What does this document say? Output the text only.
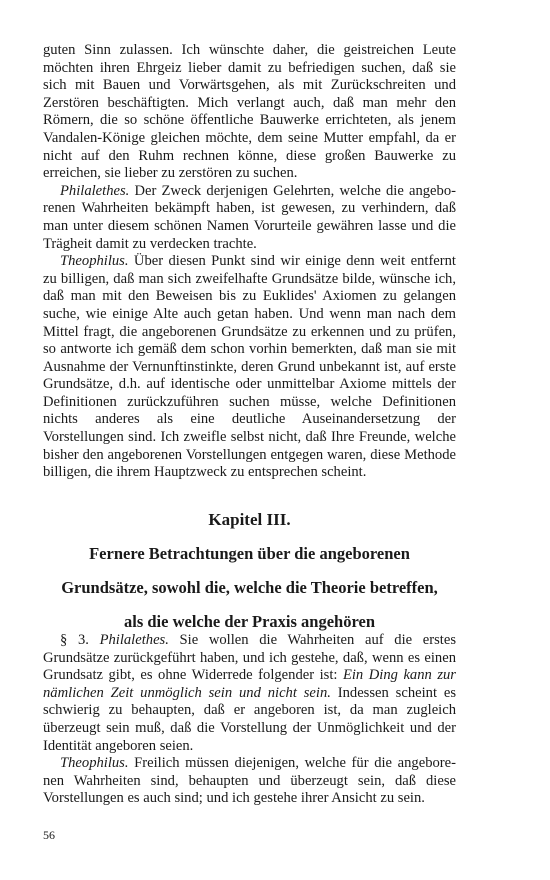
guten Sinn zulassen. Ich wünschte daher, die geistreichen Leute möchten ihren Ehrgeiz lieber damit zu befriedigen suchen, daß sie sich mit Bauen und Vorwärtsgehen, als mit Zurückschreiten und Zerstören beschäftigten. Mich verlangt auch, daß man mehr den Römern, die so schöne öffentliche Bauwerke errichteten, als jenem Vandalen-Könige gleichen möchte, dem seine Mutter empfahl, da er nicht auf den Ruhm rechnen könne, diese großen Bauwerke zu erreichen, sie lieber zu zerstören zu suchen.

Philalethes. Der Zweck derjenigen Gelehrten, welche die angeborenen Wahrheiten bekämpft haben, ist gewesen, zu verhindern, daß man unter diesem schönen Namen Vorurteile gewähren lasse und die Trägheit damit zu verdecken trachte.

Theophilus. Über diesen Punkt sind wir einige denn weit entfernt zu billigen, daß man sich zweifelhafte Grundsätze bilde, wünsche ich, daß man mit den Beweisen bis zu Euklides' Axiomen zu gelangen suche, wie einige Alte auch getan haben. Und wenn man nach dem Mittel fragt, die angeborenen Grundsätze zu erkennen und zu prüfen, so antworte ich gemäß dem schon vorhin bemerkten, daß man sie mit Ausnahme der Vernunftinstinkte, deren Grund unbekannt ist, auf erste Grundsätze, d.h. auf identische oder unmittelbar Axiome mittels der Definitionen zurückzuführen suchen müsse, welche Definitionen nichts anderes als eine deutliche Auseinandersetzung der Vorstellungen sind. Ich zweifle selbst nicht, daß Ihre Freunde, welche bisher den angeborenen Vorstellungen entgegen waren, diese Methode billigen, die ihrem Hauptzweck zu entsprechen scheint.

Kapitel III.
Fernere Betrachtungen über die angeborenen
Grundsätze, sowohl die, welche die Theorie betreffen,
als die welche der Praxis angehören

§ 3. Philalethes. Sie wollen die Wahrheiten auf die erstes Grundsätze zurückgeführt haben, und ich gestehe, daß, wenn es einen Grundsatz gibt, es ohne Widerrede folgender ist: Ein Ding kann zur nämlichen Zeit unmöglich sein und nicht sein. Indessen scheint es schwierig zu behaupten, daß er angeboren ist, da man zugleich überzeugt sein muß, daß die Vorstellung der Unmöglichkeit und der Identität angeboren seien.

Theophilus. Freilich müssen diejenigen, welche für die angeborenen Wahrheiten sind, behaupten und überzeugt sein, daß diese Vorstellungen es auch sind; und ich gestehe ihrer Ansicht zu sein.

56
